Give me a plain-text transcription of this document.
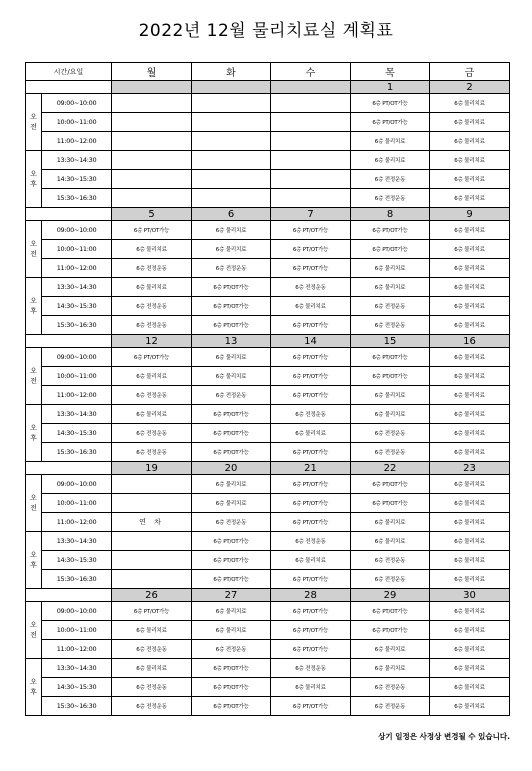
2022년 12월 물리치료실 계획표
시간/요일		월	화	수	목	금
					1	2

오
전	09:00~10:00				6층 PT/OT가능	6층 물리치료
	10:00~11:00				6층 PT/OT가능	6층 물리치료
	11:00~12:00				6층 물리치료	6층 물리치료

오
후	13:30~14:30				6층 물리치료	6층 물리치료
	14:30~15:30				6층 전정운동	6층 물리치료
	15:30~16:30				6층 전정운동	6층 물리치료
		5	6	7	8	9

오
전	09:00~10:00	6층 PT/OT가능	6층 물리치료	6층 PT/OT가능	6층 PT/OT가능	6층 물리치료
	10:00~11:00	6층 물리치료	6층 물리치료	6층 PT/OT가능	6층 PT/OT가능	6층 물리치료
	11:00~12:00	6층 전정운동	6층 전정운동	6층 PT/OT가능	6층 물리치료	6층 물리치료

오
후	13:30~14:30	6층 물리치료	6층 PT/OT가능	6층 전정운동	6층 물리치료	6층 물리치료
	14:30~15:30	6층 전정운동	6층 PT/OT가능	6층 물리치료	6층 전정운동	6층 물리치료
	15:30~16:30	6층 전정운동	6층 PT/OT가능	6층 PT/OT가능	6층 전정운동	6층 물리치료
		12	13	14	15	16

오
전	09:00~10:00	6층 PT/OT가능	6층 물리치료	6층 PT/OT가능	6층 PT/OT가능	6층 물리치료
	10:00~11:00	6층 물리치료	6층 물리치료	6층 PT/OT가능	6층 PT/OT가능	6층 물리치료
	11:00~12:00	6층 전정운동	6층 전정운동	6층 PT/OT가능	6층 물리치료	6층 물리치료

오
후	13:30~14:30	6층 물리치료	6층 PT/OT가능	6층 전정운동	6층 물리치료	6층 물리치료
	14:30~15:30	6층 전정운동	6층 PT/OT가능	6층 물리치료	6층 전정운동	6층 물리치료
	15:30~16:30	6층 전정운동	6층 PT/OT가능	6층 PT/OT가능	6층 전정운동	6층 물리치료
		19	20	21	22	23

오
전	09:00~10:00		6층 물리치료	6층 PT/OT가능	6층 PT/OT가능	6층 물리치료
	10:00~11:00		6층 물리치료	6층 PT/OT가능	6층 PT/OT가능	6층 물리치료
	11:00~12:00	연 차	6층 전정운동	6층 PT/OT가능	6층 물리치료	6층 물리치료

오
후	13:30~14:30		6층 PT/OT가능	6층 전정운동	6층 물리치료	6층 물리치료
	14:30~15:30		6층 PT/OT가능	6층 물리치료	6층 전정운동	6층 물리치료
	15:30~16:30		6층 PT/OT가능	6층 PT/OT가능	6층 전정운동	6층 물리치료
		26	27	28	29	30

오
전	09:00~10:00	6층 PT/OT가능	6층 물리치료	6층 PT/OT가능	6층 PT/OT가능	6층 물리치료
	10:00~11:00	6층 물리치료	6층 물리치료	6층 PT/OT가능	6층 PT/OT가능	6층 물리치료
	11:00~12:00	6층 전정운동	6층 전정운동	6층 PT/OT가능	6층 물리치료	6층 물리치료

오
후	13:30~14:30	6층 물리치료	6층 PT/OT가능	6층 전정운동	6층 물리치료	6층 물리치료
	14:30~15:30	6층 전정운동	6층 PT/OT가능	6층 물리치료	6층 전정운동	6층 물리치료
	15:30~16:30	6층 전정운동	6층 PT/OT가능	6층 PT/OT가능	6층 전정운동	6층 물리치료
상기 일정은 사정상 변경될 수 있습니다.
